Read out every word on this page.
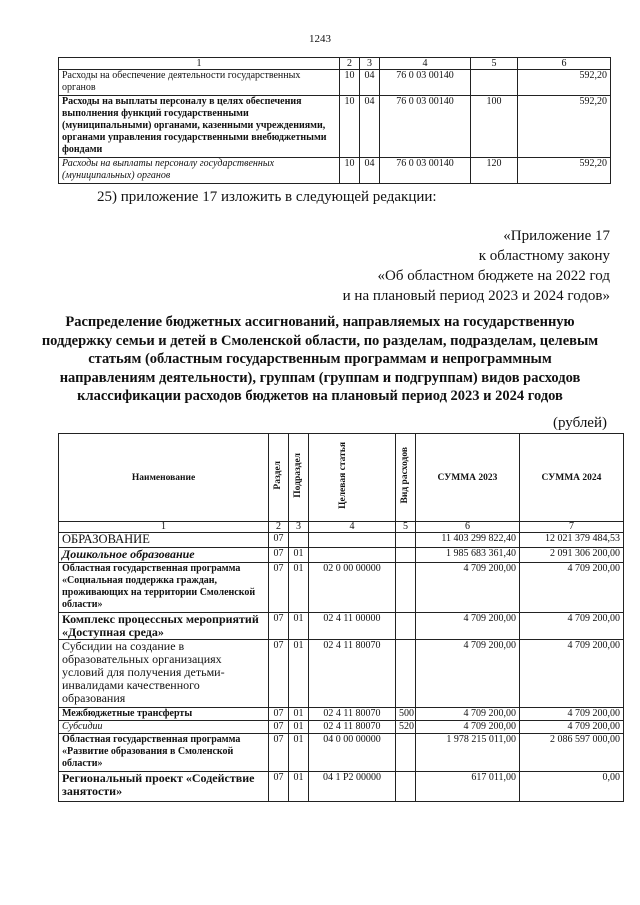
1243
1	2	3	4	5	6
Расходы на обеспечение деятельности государственных органов	10	04	76 0 03 00140		592,20
Расходы на выплаты персоналу в целях обеспечения выполнения функций государственными (муниципальными) органами, казенными учреждениями, органами управления государственными внебюджетными фондами	10	04	76 0 03 00140	100	592,20
Расходы на выплаты персоналу государственных (муниципальных) органов	10	04	76 0 03 00140	120	592,20
25) приложение 17 изложить в следующей редакции:
«Приложение 17
к областному закону
«Об областном бюджете на 2022 год
и на плановый период 2023 и 2024 годов»
Распределение бюджетных ассигнований, направляемых на государственную поддержку семьи и детей в Смоленской области, по разделам, подразделам, целевым статьям (областным государственным программам и непрограммным направлениям деятельности), группам (группам и подгруппам) видов расходов классификации расходов бюджетов на плановый период 2023 и 2024 годов
(рублей)
Наименование	Раздел	Подраздел	Целевая статья	Вид расходов	СУММА 2023	СУММА 2024
1	2	3	4	5	6	7
ОБРАЗОВАНИЕ	07				11 403 299 822,40	12 021 379 484,53
Дошкольное образование	07	01			1 985 683 361,40	2 091 306 200,00
Областная государственная программа «Социальная поддержка граждан, проживающих на территории Смоленской области»	07	01	02 0 00 00000		4 709 200,00	4 709 200,00
Комплекс процессных мероприятий «Доступная среда»	07	01	02 4 11 00000		4 709 200,00	4 709 200,00
Субсидии на создание в образовательных организациях условий для получения детьми-инвалидами качественного образования	07	01	02 4 11 80070		4 709 200,00	4 709 200,00
Межбюджетные трансферты	07	01	02 4 11 80070	500	4 709 200,00	4 709 200,00
Субсидии	07	01	02 4 11 80070	520	4 709 200,00	4 709 200,00
Областная государственная программа «Развитие образования в Смоленской области»	07	01	04 0 00 00000		1 978 215 011,00	2 086 597 000,00
Региональный проект «Содействие занятости»	07	01	04 1 P2 00000		617 011,00	0,00
